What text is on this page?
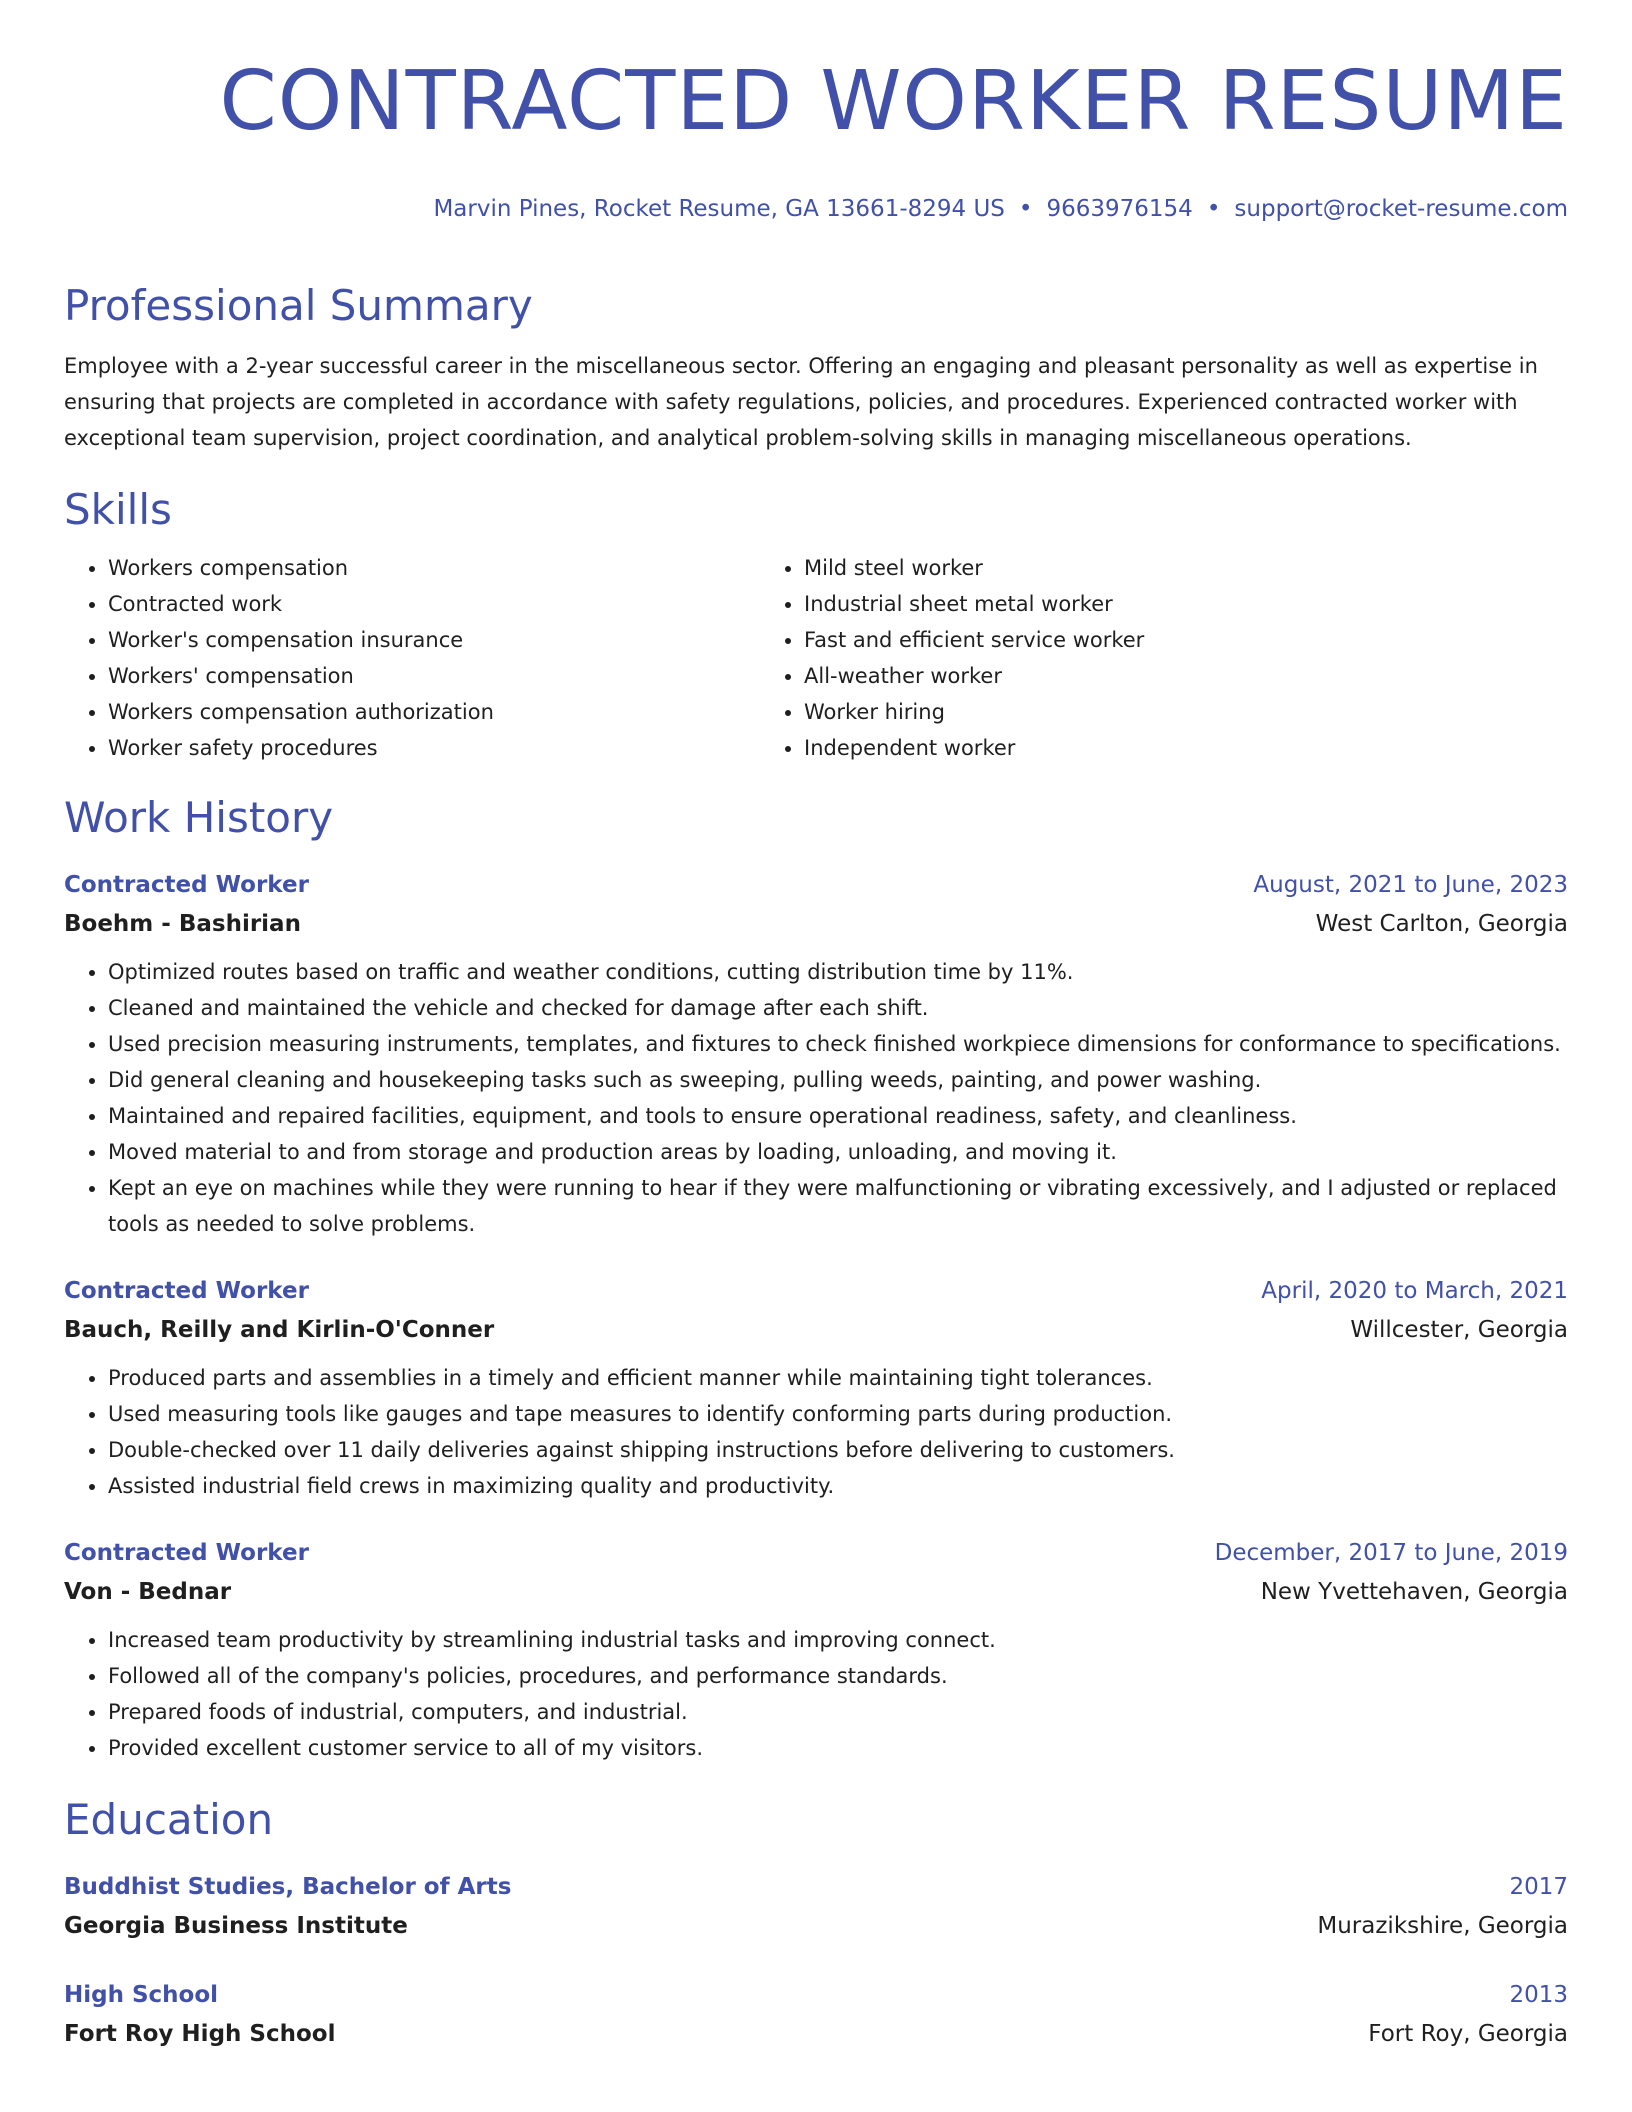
CONTRACTED WORKER RESUME
Marvin Pines, Rocket Resume, GA 13661-8294 US • 9663976154 • support@rocket-resume.com
Professional Summary
Employee with a 2-year successful career in the miscellaneous sector. Offering an engaging and pleasant personality as well as expertise in ensuring that projects are completed in accordance with safety regulations, policies, and procedures. Experienced contracted worker with exceptional team supervision, project coordination, and analytical problem-solving skills in managing miscellaneous operations.
Skills
• Workers compensation
• Contracted work
• Worker's compensation insurance
• Workers' compensation
• Workers compensation authorization
• Worker safety procedures
• Mild steel worker
• Industrial sheet metal worker
• Fast and efficient service worker
• All-weather worker
• Worker hiring
• Independent worker
Work History
Contracted Worker	August, 2021 to June, 2023
Boehm - Bashirian	West Carlton, Georgia
• Optimized routes based on traffic and weather conditions, cutting distribution time by 11%.
• Cleaned and maintained the vehicle and checked for damage after each shift.
• Used precision measuring instruments, templates, and fixtures to check finished workpiece dimensions for conformance to specifications.
• Did general cleaning and housekeeping tasks such as sweeping, pulling weeds, painting, and power washing.
• Maintained and repaired facilities, equipment, and tools to ensure operational readiness, safety, and cleanliness.
• Moved material to and from storage and production areas by loading, unloading, and moving it.
• Kept an eye on machines while they were running to hear if they were malfunctioning or vibrating excessively, and I adjusted or replaced tools as needed to solve problems.
Contracted Worker	April, 2020 to March, 2021
Bauch, Reilly and Kirlin-O'Conner	Willcester, Georgia
• Produced parts and assemblies in a timely and efficient manner while maintaining tight tolerances.
• Used measuring tools like gauges and tape measures to identify conforming parts during production.
• Double-checked over 11 daily deliveries against shipping instructions before delivering to customers.
• Assisted industrial field crews in maximizing quality and productivity.
Contracted Worker	December, 2017 to June, 2019
Von - Bednar	New Yvettehaven, Georgia
• Increased team productivity by streamlining industrial tasks and improving connect.
• Followed all of the company's policies, procedures, and performance standards.
• Prepared foods of industrial, computers, and industrial.
• Provided excellent customer service to all of my visitors.
Education
Buddhist Studies, Bachelor of Arts	2017
Georgia Business Institute	Murazikshire, Georgia
High School	2013
Fort Roy High School	Fort Roy, Georgia
